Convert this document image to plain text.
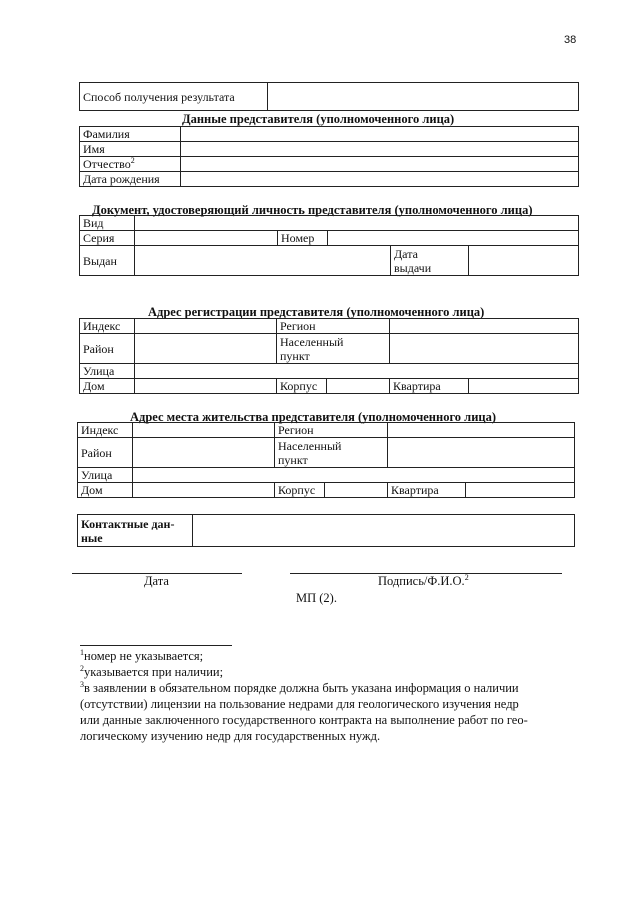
38
Способ получения результата	
Данные представителя (уполномоченного лица)
Фамилия	
Имя	
Отчество$^2$	
Дата рождения	
Документ, удостоверяющий личность представителя (уполномоченного лица)
Вид					
Серия		Номер			
Выдан				Дата
выдачи	

Адрес регистрации представителя (уполномоченного лица)
Индекс		Регион			
Район		Населенный
пункт			

Улица					
Дом		Корпус		Квартира	
Адрес места жительства представителя (уполномоченного лица)
Индекс		Регион			
Район		Населенный
пункт			

Улица					
Дом		Корпус		Квартира	
Контактные дан-
ные

Дата	Подпись/Ф.И.О.$^2$
МП (2).
$^1$номер не указывается;
$^2$указывается при наличии;
$^3$в заявлении в обязательном порядке должна быть указана информация о наличии
(отсутствии) лицензии на пользование недрами для геологического изучения недр
или данные заключенного государственного контракта на выполнение работ по гео-
логическому изучению недр для государственных нужд.
